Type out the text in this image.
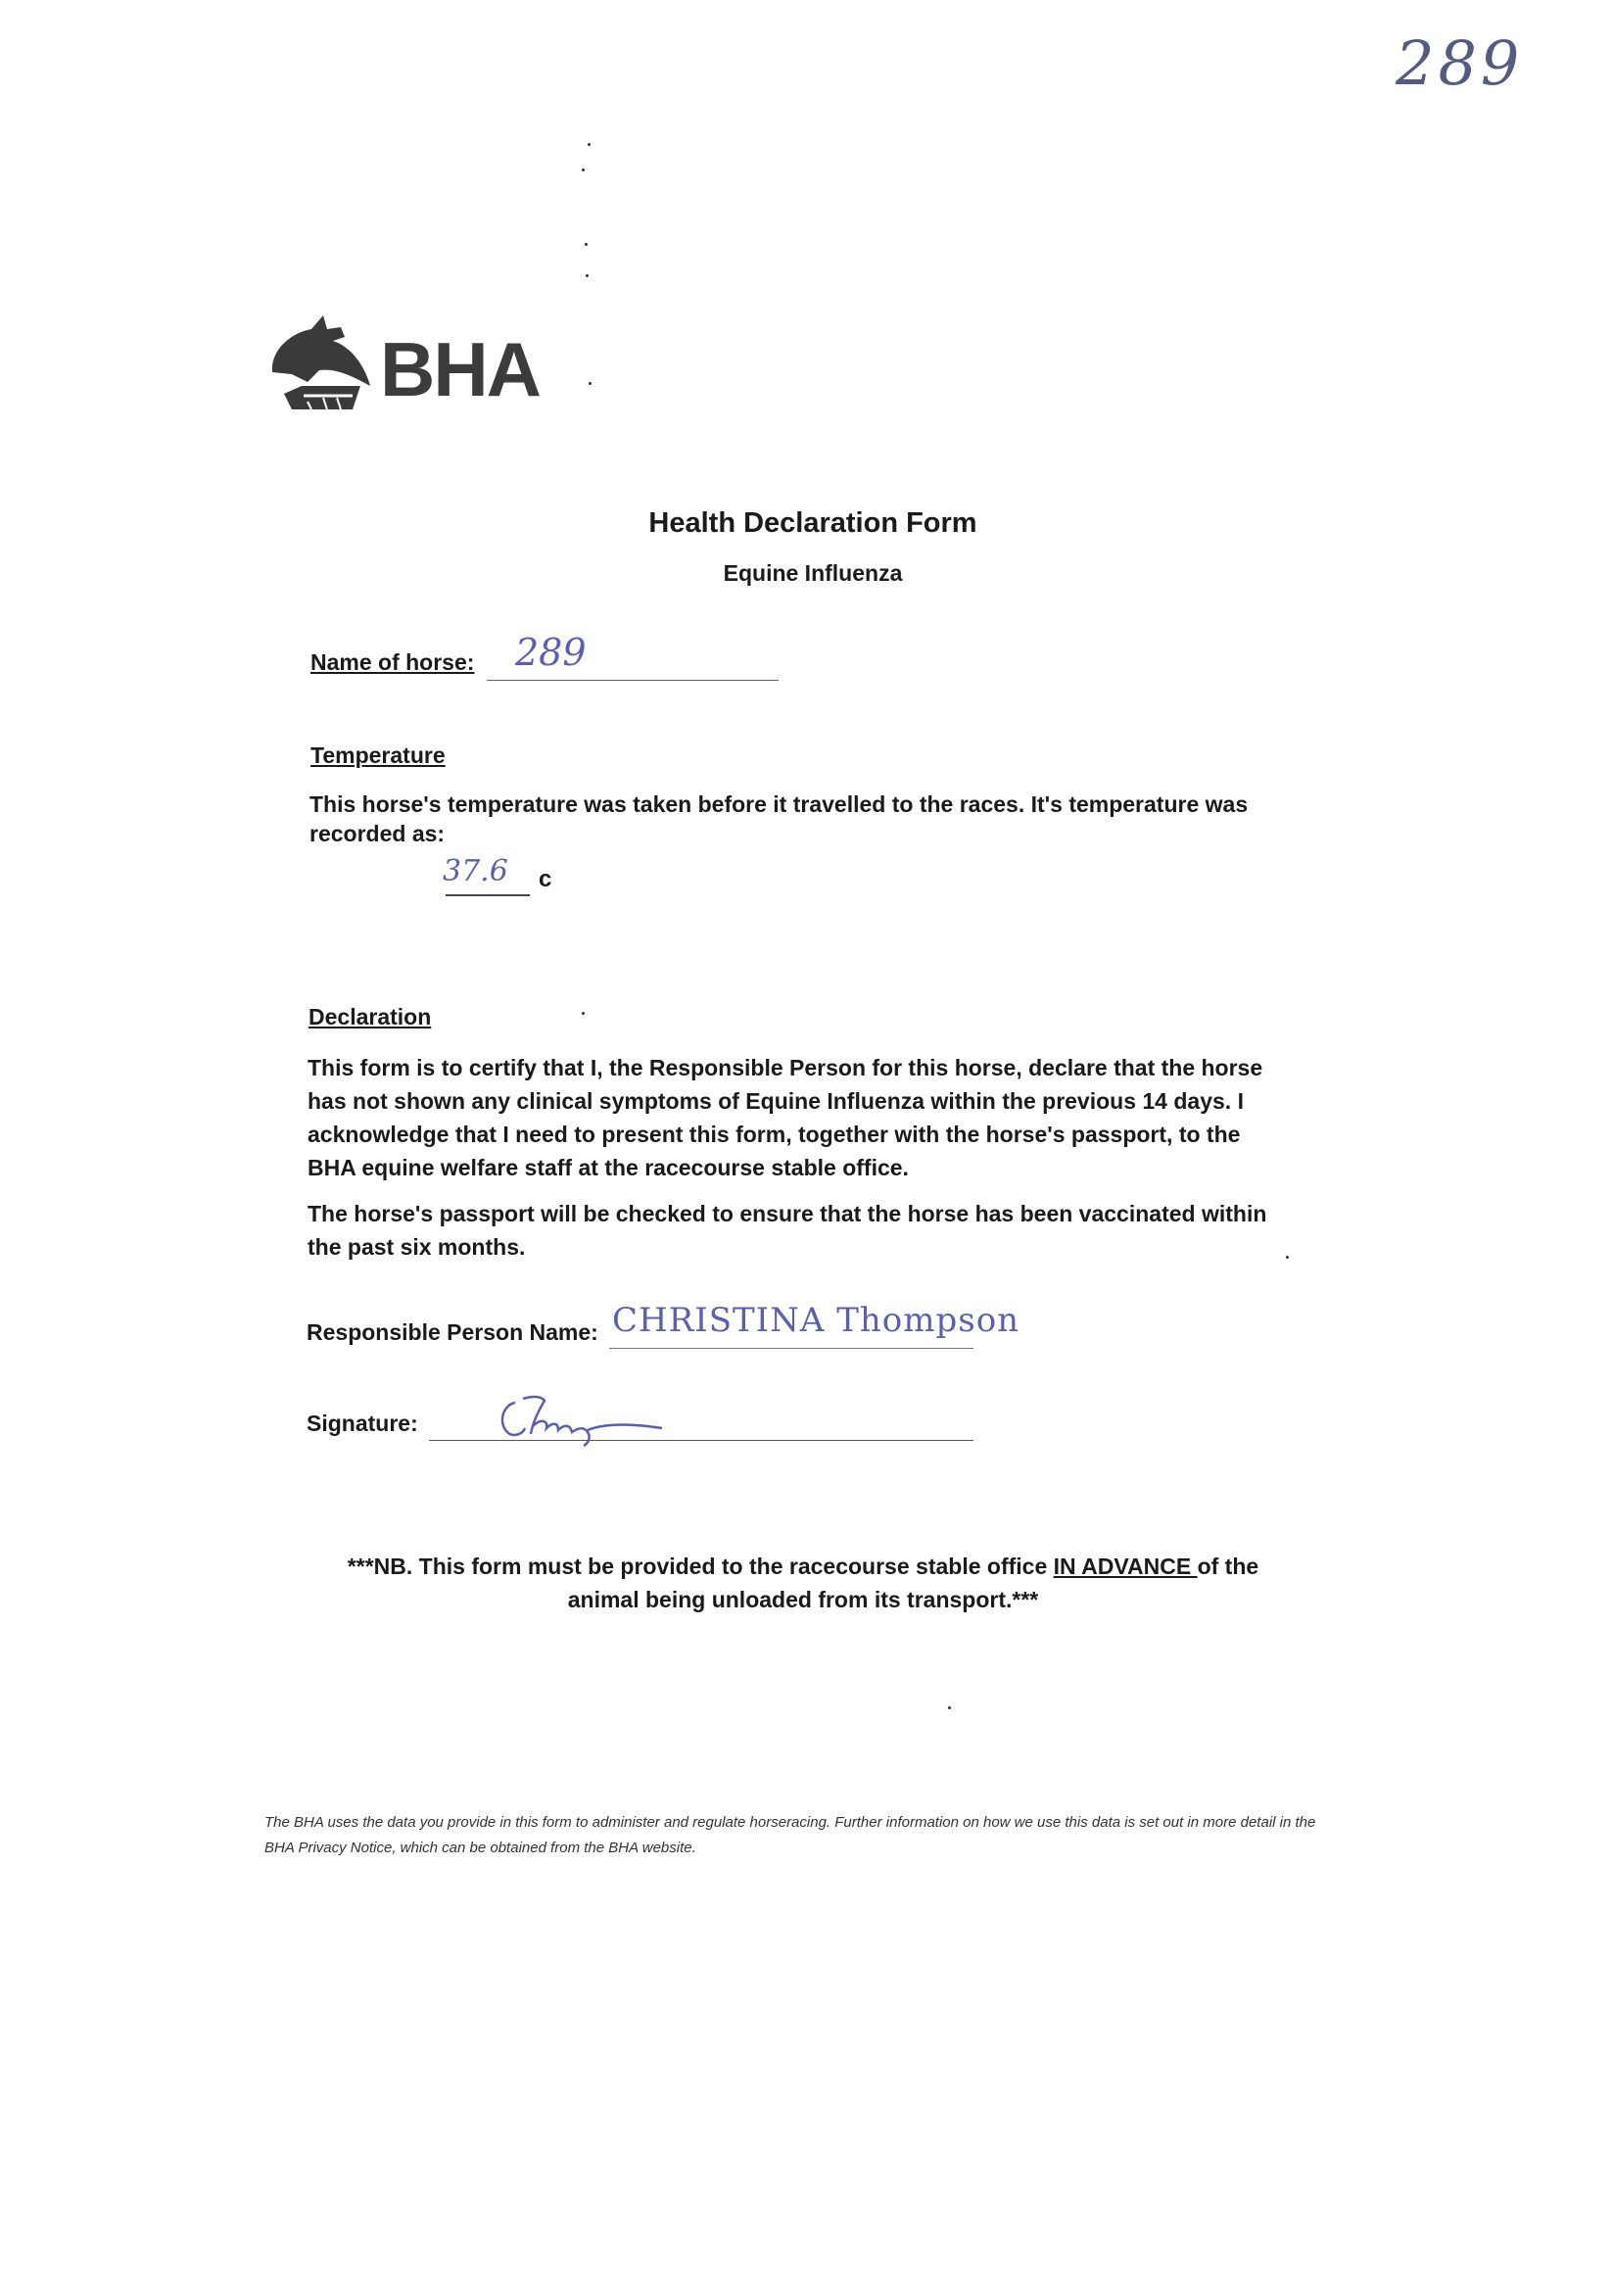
289
BHA
Health Declaration Form
Equine Influenza
Name of horse: 289
Temperature
This horse's temperature was taken before it travelled to the races. It's temperature was recorded as:
37.6 c
Declaration
This form is to certify that I, the Responsible Person for this horse, declare that the horse has not shown any clinical symptoms of Equine Influenza within the previous 14 days. I acknowledge that I need to present this form, together with the horse's passport, to the BHA equine welfare staff at the racecourse stable office.
The horse's passport will be checked to ensure that the horse has been vaccinated within the past six months.
Responsible Person Name: CHRISTINA Thompson
Signature:
***NB. This form must be provided to the racecourse stable office IN ADVANCE of the animal being unloaded from its transport.***
The BHA uses the data you provide in this form to administer and regulate horseracing. Further information on how we use this data is set out in more detail in the BHA Privacy Notice, which can be obtained from the BHA website.
